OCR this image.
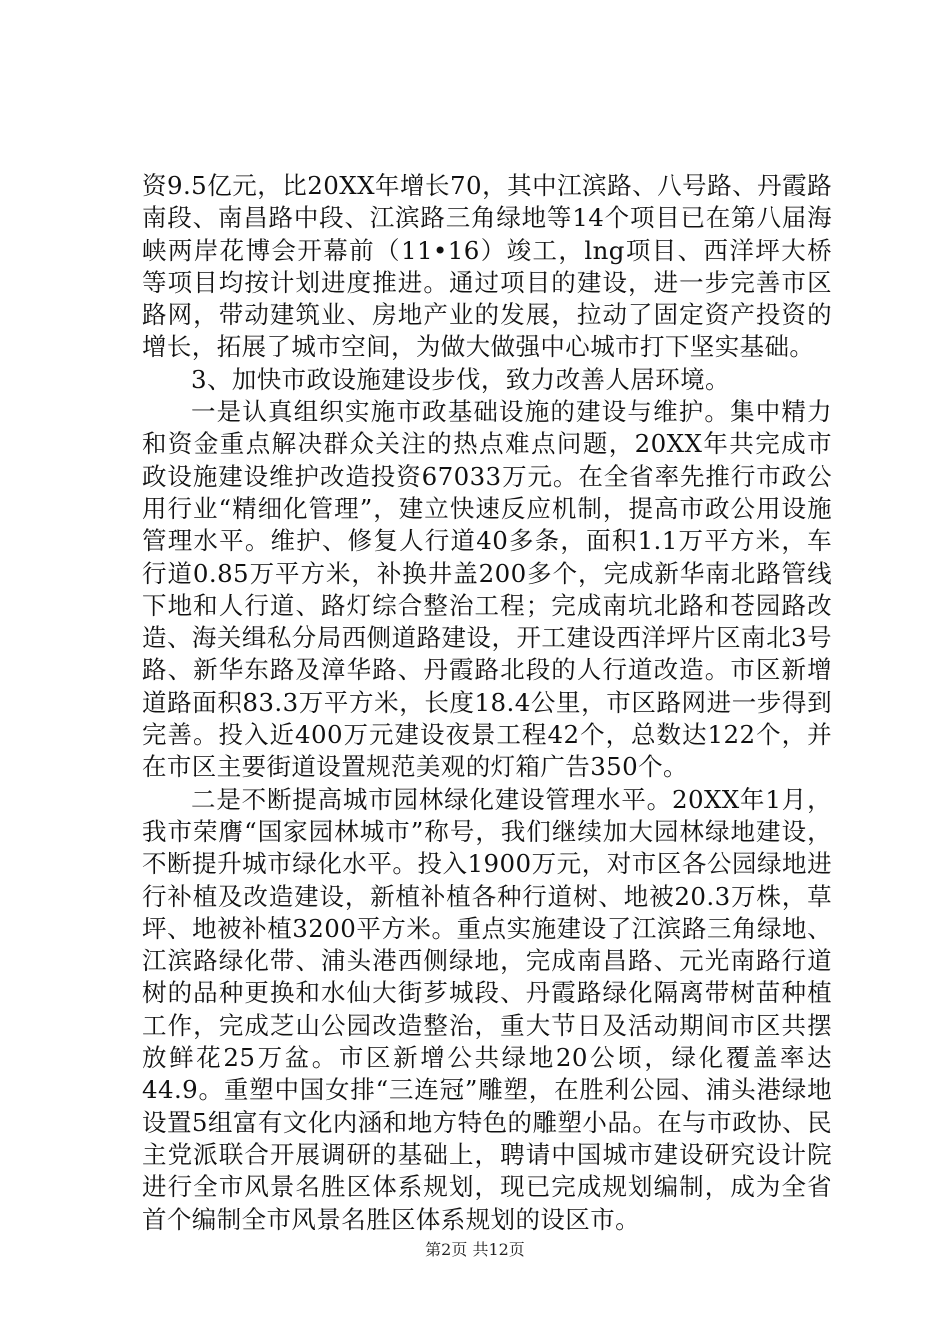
资9.5亿元，比20XX年增长70，其中江滨路、八号路、丹霞路南段、南昌路中段、江滨路三角绿地等14个项目已在第八届海峡两岸花博会开幕前（11•16）竣工，lng项目、西洋坪大桥等项目均按计划进度推进。通过项目的建设，进一步完善市区路网，带动建筑业、房地产业的发展，拉动了固定资产投资的增长，拓展了城市空间，为做大做强中心城市打下坚实基础。

3、加快市政设施建设步伐，致力改善人居环境。

一是认真组织实施市政基础设施的建设与维护。集中精力和资金重点解决群众关注的热点难点问题，20XX年共完成市政设施建设维护改造投资67033万元。在全省率先推行市政公用行业“精细化管理”，建立快速反应机制，提高市政公用设施管理水平。维护、修复人行道40多条，面积1.1万平方米，车行道0.85万平方米，补换井盖200多个，完成新华南北路管线下地和人行道、路灯综合整治工程；完成南坑北路和苍园路改造、海关缉私分局西侧道路建设，开工建设西洋坪片区南北3号路、新华东路及漳华路、丹霞路北段的人行道改造。市区新增道路面积83.3万平方米，长度18.4公里，市区路网进一步得到完善。投入近400万元建设夜景工程42个，总数达122个，并在市区主要街道设置规范美观的灯箱广告350个。

二是不断提高城市园林绿化建设管理水平。20XX年1月，我市荣膺“国家园林城市”称号，我们继续加大园林绿地建设，不断提升城市绿化水平。投入1900万元，对市区各公园绿地进行补植及改造建设，新植补植各种行道树、地被20.3万株，草坪、地被补植3200平方米。重点实施建设了江滨路三角绿地、江滨路绿化带、浦头港西侧绿地，完成南昌路、元光南路行道树的品种更换和水仙大街芗城段、丹霞路绿化隔离带树苗种植工作，完成芝山公园改造整治，重大节日及活动期间市区共摆放鲜花25万盆。市区新增公共绿地20公顷，绿化覆盖率达44.9。重塑中国女排“三连冠”雕塑，在胜利公园、浦头港绿地设置5组富有文化内涵和地方特色的雕塑小品。在与市政协、民主党派联合开展调研的基础上，聘请中国城市建设研究设计院进行全市风景名胜区体系规划，现已完成规划编制，成为全省首个编制全市风景名胜区体系规划的设区市。

第2页 共12页
